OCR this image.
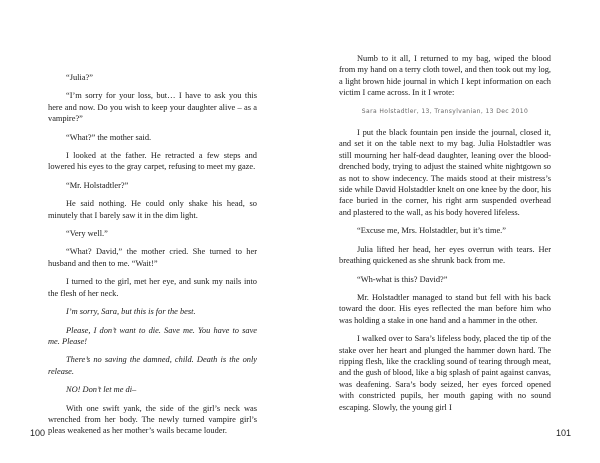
“Julia?”

“I’m sorry for your loss, but… I have to ask you this here and now. Do you wish to keep your daughter alive – as a vampire?”

“What?” the mother said.

I looked at the father. He retracted a few steps and lowered his eyes to the gray carpet, refusing to meet my gaze.

“Mr. Holstadtler?”

He said nothing. He could only shake his head, so minutely that I barely saw it in the dim light.

“Very well.”

“What? David,” the mother cried. She turned to her husband and then to me. “Wait!”

I turned to the girl, met her eye, and sunk my nails into the flesh of her neck.

I’m sorry, Sara, but this is for the best.

Please, I don’t want to die. Save me. You have to save me. Please!

There’s no saving the damned, child. Death is the only release.

NO! Don’t let me di–

With one swift yank, the side of the girl’s neck was wrenched from her body. The newly turned vampire girl’s pleas weakened as her mother’s wails became louder.

100

Numb to it all, I returned to my bag, wiped the blood from my hand on a terry cloth towel, and then took out my log, a light brown hide journal in which I kept information on each victim I came across. In it I wrote:

Sara Holstadtler, 13, Transylvanian, 13 Dec 2010

I put the black fountain pen inside the journal, closed it, and set it on the table next to my bag. Julia Holstadtler was still mourning her half-dead daughter, leaning over the blood-drenched body, trying to adjust the stained white nightgown so as not to show indecency. The maids stood at their mistress’s side while David Holstadtler knelt on one knee by the door, his face buried in the corner, his right arm suspended overhead and plastered to the wall, as his body hovered lifeless.

“Excuse me, Mrs. Holstadtler, but it’s time.”

Julia lifted her head, her eyes overrun with tears. Her breathing quickened as she shrunk back from me.

“Wh-what is this? David?”

Mr. Holstadtler managed to stand but fell with his back toward the door. His eyes reflected the man before him who was holding a stake in one hand and a hammer in the other.

I walked over to Sara’s lifeless body, placed the tip of the stake over her heart and plunged the hammer down hard. The ripping flesh, like the crackling sound of tearing through meat, and the gush of blood, like a big splash of paint against canvas, was deafening. Sara’s body seized, her eyes forced opened with constricted pupils, her mouth gaping with no sound escaping. Slowly, the young girl I

101
